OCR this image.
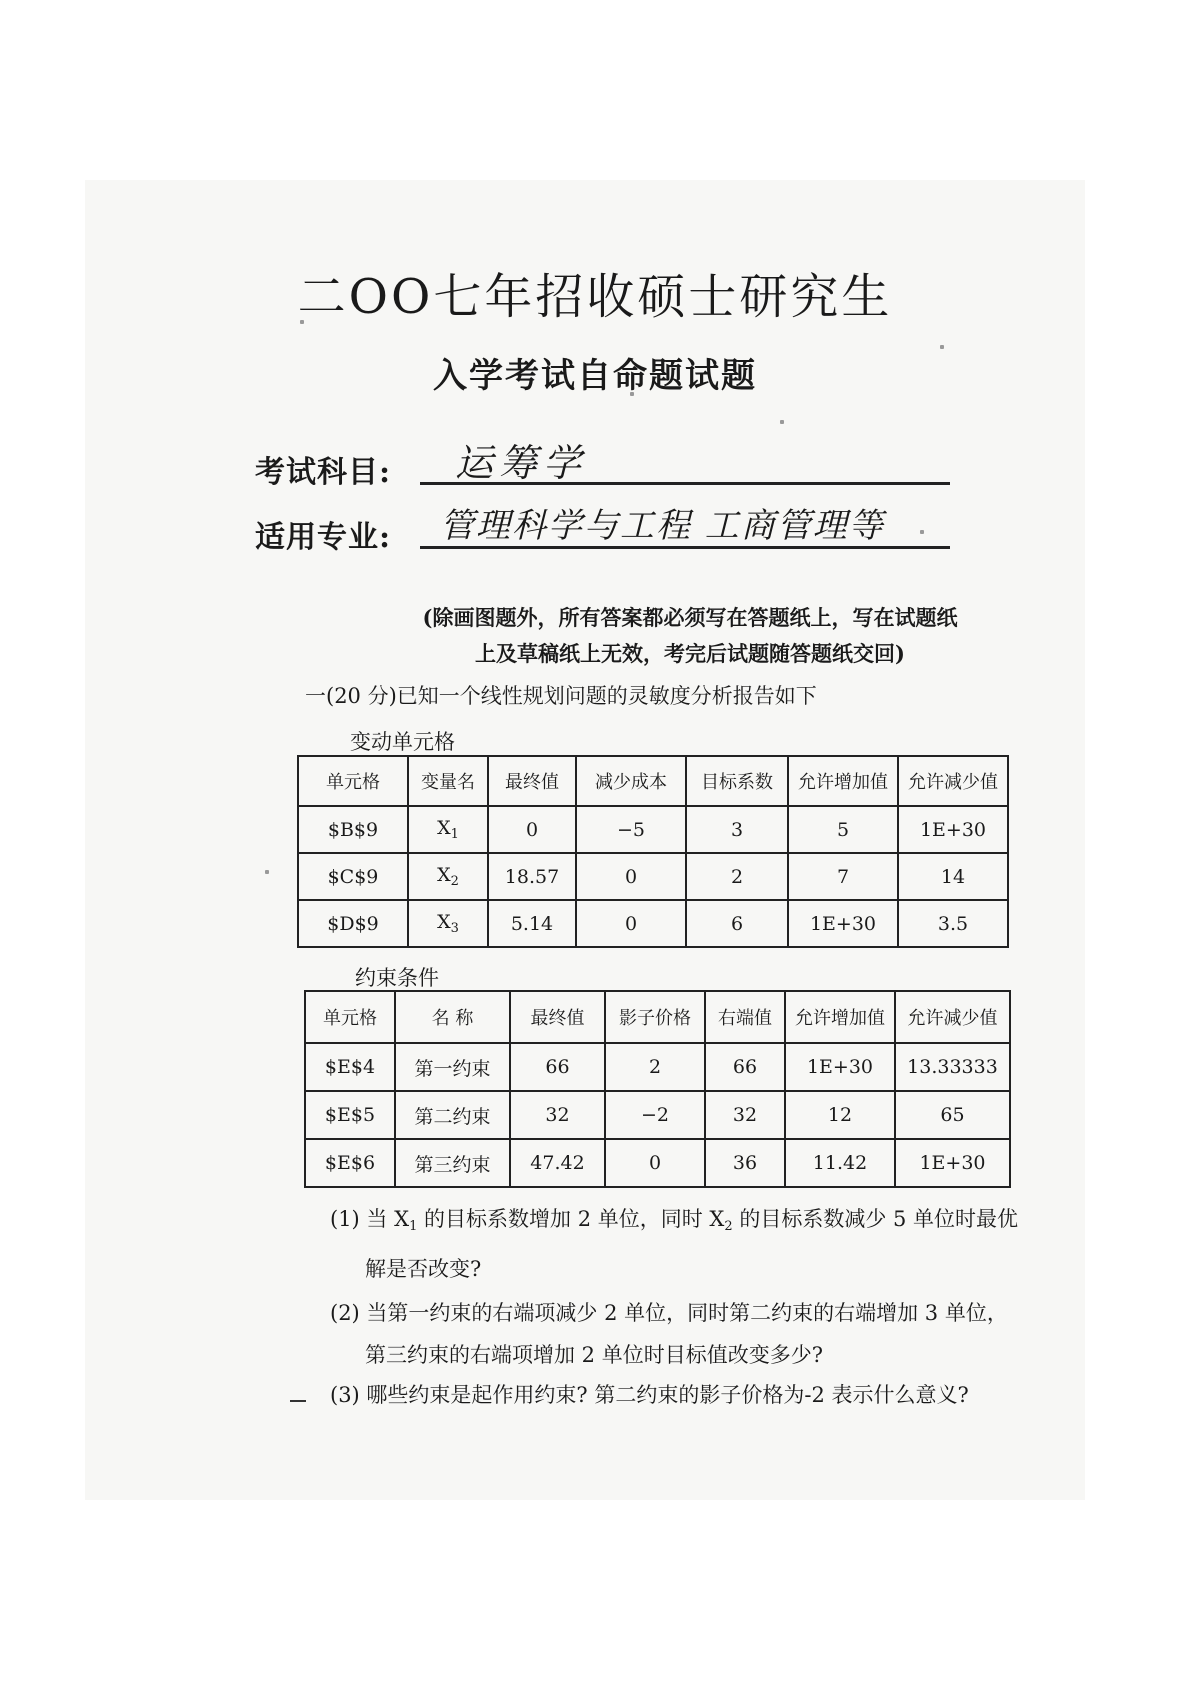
二OO七年招收硕士研究生
入学考试自命题试题
考试科目: 运筹学
适用专业: 管理科学与工程 工商管理等
(除画图题外，所有答案都必须写在答题纸上，写在试题纸
上及草稿纸上无效，考完后试题随答题纸交回)
一(20 分)已知一个线性规划问题的灵敏度分析报告如下
变动单元格
单元格	变量名	最终值	减少成本	目标系数	允许增加值	允许减少值
$B$9	$X_1$	0	−5	3	5	1E+30
$C$9	$X_2$	18.57	0	2	7	14
$D$9	$X_3$	5.14	0	6	1E+30	3.5
约束条件
单元格	名 称	最终值	影子价格	右端值	允许增加值	允许减少值
$E$4	第一约束	66	2	66	1E+30	13.33333
$E$5	第二约束	32	−2	32	12	65
$E$6	第三约束	47.42	0	36	11.42	1E+30
(1) 当 $X_1$ 的目标系数增加 2 单位，同时 $X_2$ 的目标系数减少 5 单位时最优
解是否改变?
(2) 当第一约束的右端项减少 2 单位，同时第二约束的右端增加 3 单位，
第三约束的右端项增加 2 单位时目标值改变多少?
(3) 哪些约束是起作用约束? 第二约束的影子价格为-2 表示什么意义?
